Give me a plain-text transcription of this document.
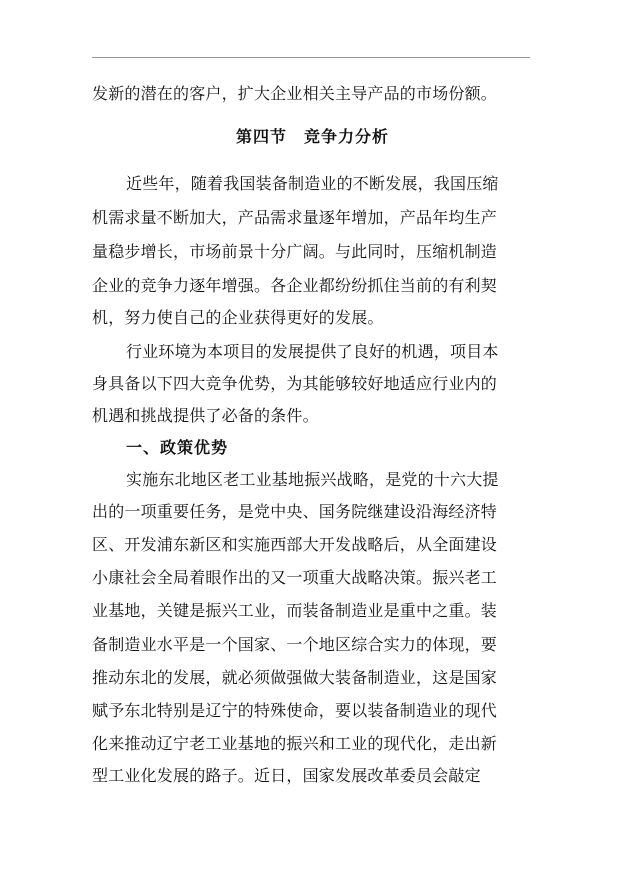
发新的潜在的客户，扩大企业相关主导产品的市场份额。
第四节　竞争力分析
近些年，随着我国装备制造业的不断发展，我国压缩
机需求量不断加大，产品需求量逐年增加，产品年均生产
量稳步增长，市场前景十分广阔。与此同时，压缩机制造
企业的竞争力逐年增强。各企业都纷纷抓住当前的有利契
机，努力使自己的企业获得更好的发展。
行业环境为本项目的发展提供了良好的机遇，项目本
身具备以下四大竞争优势，为其能够较好地适应行业内的
机遇和挑战提供了必备的条件。
一、政策优势
实施东北地区老工业基地振兴战略，是党的十六大提
出的一项重要任务，是党中央、国务院继建设沿海经济特
区、开发浦东新区和实施西部大开发战略后，从全面建设
小康社会全局着眼作出的又一项重大战略决策。振兴老工
业基地，关键是振兴工业，而装备制造业是重中之重。装
备制造业水平是一个国家、一个地区综合实力的体现，要
推动东北的发展，就必须做强做大装备制造业，这是国家
赋予东北特别是辽宁的特殊使命，要以装备制造业的现代
化来推动辽宁老工业基地的振兴和工业的现代化，走出新
型工业化发展的路子。近日，国家发展改革委员会敲定
